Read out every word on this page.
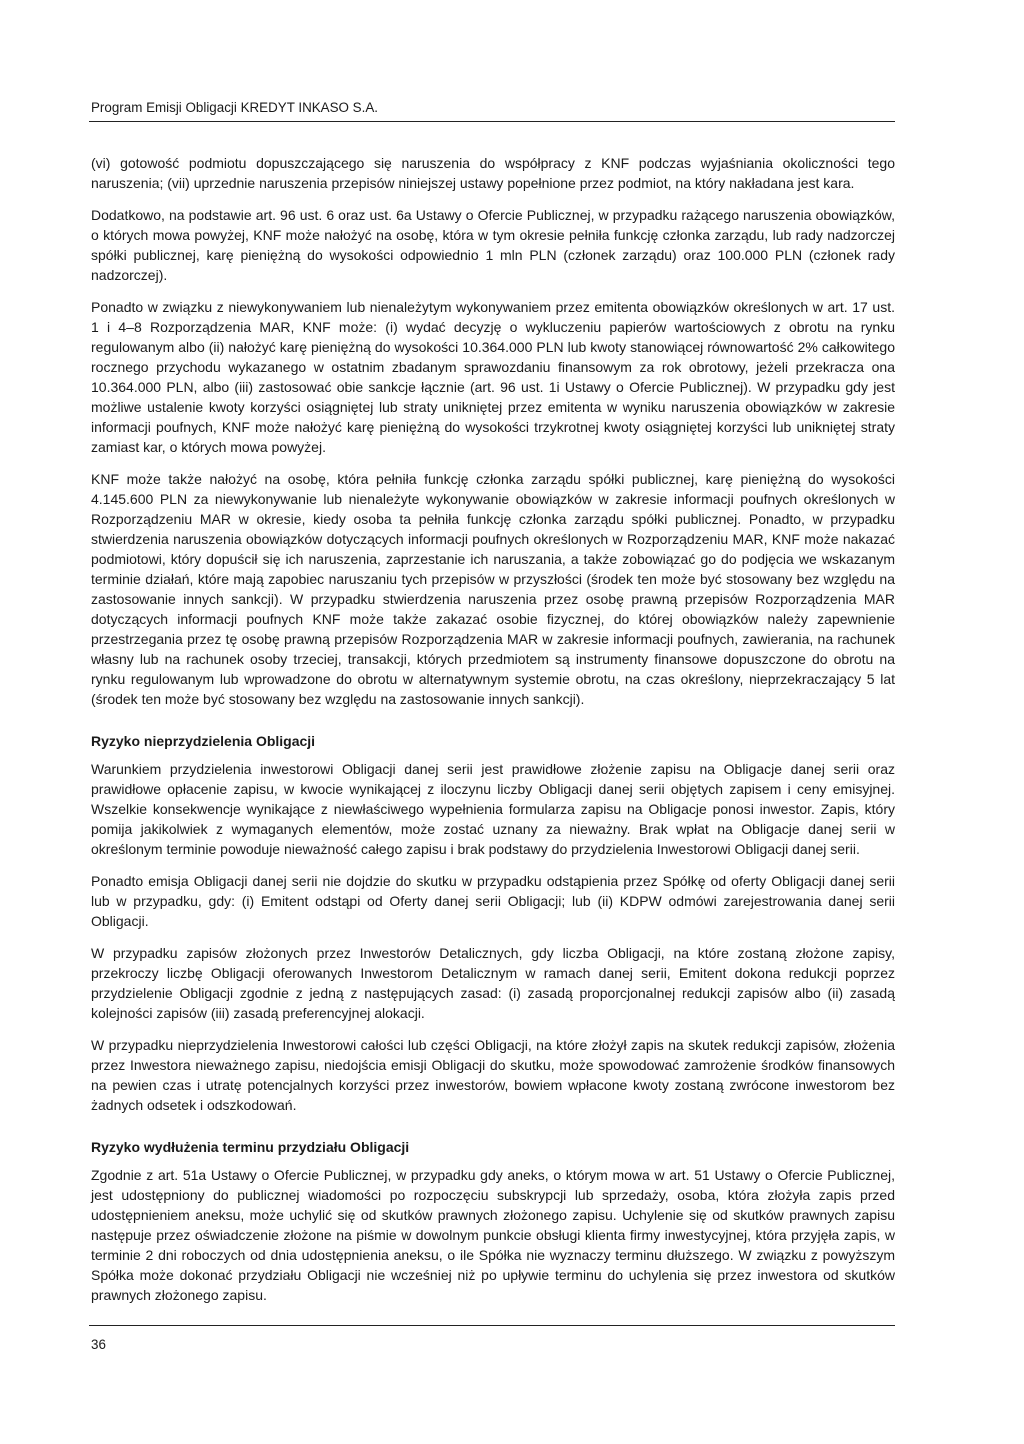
Program Emisji Obligacji KREDYT INKASO S.A.

(vi) gotowość podmiotu dopuszczającego się naruszenia do współpracy z KNF podczas wyjaśniania okoliczności tego naruszenia; (vii) uprzednie naruszenia przepisów niniejszej ustawy popełnione przez podmiot, na który nakładana jest kara.

Dodatkowo, na podstawie art. 96 ust. 6 oraz ust. 6a Ustawy o Ofercie Publicznej, w przypadku rażącego naruszenia obowiązków, o których mowa powyżej, KNF może nałożyć na osobę, która w tym okresie pełniła funkcję członka zarządu, lub rady nadzorczej spółki publicznej, karę pieniężną do wysokości odpowiednio 1 mln PLN (członek zarządu) oraz 100.000 PLN (członek rady nadzorczej).

Ponadto w związku z niewykonywaniem lub nienależytym wykonywaniem przez emitenta obowiązków określonych w art. 17 ust. 1 i 4–8 Rozporządzenia MAR, KNF może: (i) wydać decyzję o wykluczeniu papierów wartościowych z obrotu na rynku regulowanym albo (ii) nałożyć karę pieniężną do wysokości 10.364.000 PLN lub kwoty stanowiącej równowartość 2% całkowitego rocznego przychodu wykazanego w ostatnim zbadanym sprawozdaniu finansowym za rok obrotowy, jeżeli przekracza ona 10.364.000 PLN, albo (iii) zastosować obie sankcje łącznie (art. 96 ust. 1i Ustawy o Ofercie Publicznej). W przypadku gdy jest możliwe ustalenie kwoty korzyści osiągniętej lub straty unikniętej przez emitenta w wyniku naruszenia obowiązków w zakresie informacji poufnych, KNF może nałożyć karę pieniężną do wysokości trzykrotnej kwoty osiągniętej korzyści lub unikniętej straty zamiast kar, o których mowa powyżej.

KNF może także nałożyć na osobę, która pełniła funkcję członka zarządu spółki publicznej, karę pieniężną do wysokości 4.145.600 PLN za niewykonywanie lub nienależyte wykonywanie obowiązków w zakresie informacji poufnych określonych w Rozporządzeniu MAR w okresie, kiedy osoba ta pełniła funkcję członka zarządu spółki publicznej. Ponadto, w przypadku stwierdzenia naruszenia obowiązków dotyczących informacji poufnych określonych w Rozporządzeniu MAR, KNF może nakazać podmiotowi, który dopuścił się ich naruszenia, zaprzestanie ich naruszania, a także zobowiązać go do podjęcia we wskazanym terminie działań, które mają zapobiec naruszaniu tych przepisów w przyszłości (środek ten może być stosowany bez względu na zastosowanie innych sankcji). W przypadku stwierdzenia naruszenia przez osobę prawną przepisów Rozporządzenia MAR dotyczących informacji poufnych KNF może także zakazać osobie fizycznej, do której obowiązków należy zapewnienie przestrzegania przez tę osobę prawną przepisów Rozporządzenia MAR w zakresie informacji poufnych, zawierania, na rachunek własny lub na rachunek osoby trzeciej, transakcji, których przedmiotem są instrumenty finansowe dopuszczone do obrotu na rynku regulowanym lub wprowadzone do obrotu w alternatywnym systemie obrotu, na czas określony, nieprzekraczający 5 lat (środek ten może być stosowany bez względu na zastosowanie innych sankcji).

Ryzyko nieprzydzielenia Obligacji

Warunkiem przydzielenia inwestorowi Obligacji danej serii jest prawidłowe złożenie zapisu na Obligacje danej serii oraz prawidłowe opłacenie zapisu, w kwocie wynikającej z iloczynu liczby Obligacji danej serii objętych zapisem i ceny emisyjnej. Wszelkie konsekwencje wynikające z niewłaściwego wypełnienia formularza zapisu na Obligacje ponosi inwestor. Zapis, który pomija jakikolwiek z wymaganych elementów, może zostać uznany za nieważny. Brak wpłat na Obligacje danej serii w określonym terminie powoduje nieważność całego zapisu i brak podstawy do przydzielenia Inwestorowi Obligacji danej serii.

Ponadto emisja Obligacji danej serii nie dojdzie do skutku w przypadku odstąpienia przez Spółkę od oferty Obligacji danej serii lub w przypadku, gdy: (i) Emitent odstąpi od Oferty danej serii Obligacji; lub (ii) KDPW odmówi zarejestrowania danej serii Obligacji.

W przypadku zapisów złożonych przez Inwestorów Detalicznych, gdy liczba Obligacji, na które zostaną złożone zapisy, przekroczy liczbę Obligacji oferowanych Inwestorom Detalicznym w ramach danej serii, Emitent dokona redukcji poprzez przydzielenie Obligacji zgodnie z jedną z następujących zasad: (i) zasadą proporcjonalnej redukcji zapisów albo (ii) zasadą kolejności zapisów (iii) zasadą preferencyjnej alokacji.

W przypadku nieprzydzielenia Inwestorowi całości lub części Obligacji, na które złożył zapis na skutek redukcji zapisów, złożenia przez Inwestora nieważnego zapisu, niedojścia emisji Obligacji do skutku, może spowodować zamrożenie środków finansowych na pewien czas i utratę potencjalnych korzyści przez inwestorów, bowiem wpłacone kwoty zostaną zwrócone inwestorom bez żadnych odsetek i odszkodowań.

Ryzyko wydłużenia terminu przydziału Obligacji

Zgodnie z art. 51a Ustawy o Ofercie Publicznej, w przypadku gdy aneks, o którym mowa w art. 51 Ustawy o Ofercie Publicznej, jest udostępniony do publicznej wiadomości po rozpoczęciu subskrypcji lub sprzedaży, osoba, która złożyła zapis przed udostępnieniem aneksu, może uchylić się od skutków prawnych złożonego zapisu. Uchylenie się od skutków prawnych zapisu następuje przez oświadczenie złożone na piśmie w dowolnym punkcie obsługi klienta firmy inwestycyjnej, która przyjęła zapis, w terminie 2 dni roboczych od dnia udostępnienia aneksu, o ile Spółka nie wyznaczy terminu dłuższego. W związku z powyższym Spółka może dokonać przydziału Obligacji nie wcześniej niż po upływie terminu do uchylenia się przez inwestora od skutków prawnych złożonego zapisu.

36
